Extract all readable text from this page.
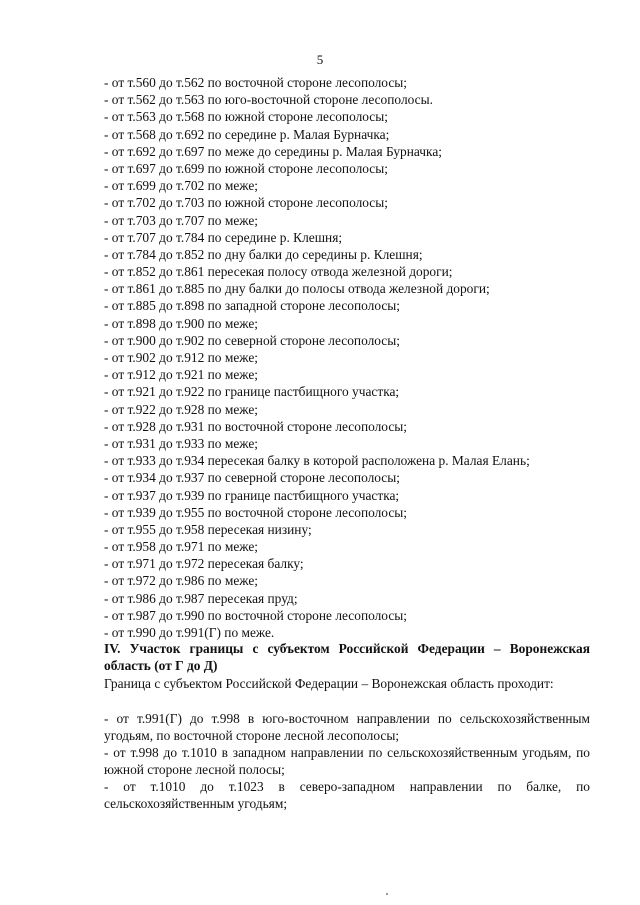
5
- от т.560 до т.562 по восточной стороне лесополосы;
- от т.562 до т.563 по юго-восточной стороне лесополосы.
- от т.563 до т.568 по южной стороне лесополосы;
- от т.568 до т.692 по середине р. Малая Бурначка;
- от т.692 до т.697 по меже до середины р. Малая Бурначка;
- от т.697 до т.699 по южной стороне лесополосы;
- от т.699 до т.702 по меже;
- от т.702 до т.703 по южной стороне лесополосы;
- от т.703 до т.707 по меже;
- от т.707 до т.784 по середине р. Клешня;
- от т.784 до т.852 по дну балки до середины р. Клешня;
- от т.852 до т.861 пересекая полосу отвода железной дороги;
- от т.861 до т.885 по дну балки до полосы отвода железной дороги;
- от т.885 до т.898 по западной стороне лесополосы;
- от т.898 до т.900 по меже;
- от т.900 до т.902 по северной стороне лесополосы;
- от т.902 до т.912 по меже;
- от т.912 до т.921 по меже;
- от т.921 до т.922 по границе пастбищного участка;
- от т.922 до т.928 по меже;
- от т.928 до т.931 по восточной стороне лесополосы;
- от т.931 до т.933 по меже;
- от т.933 до т.934 пересекая балку в которой расположена р. Малая Елань;
- от т.934 до т.937 по северной стороне лесополосы;
- от т.937 до т.939 по границе пастбищного участка;
- от т.939 до т.955 по восточной стороне лесополосы;
- от т.955 до т.958 пересекая низину;
- от т.958 до т.971 по меже;
- от т.971 до т.972 пересекая балку;
- от т.972 до т.986 по меже;
- от т.986 до т.987 пересекая пруд;
- от т.987 до т.990 по восточной стороне лесополосы;
- от т.990 до т.991(Г) по меже.
IV. Участок границы с субъектом Российской Федерации – Воронежская область (от Г до Д)
Граница с субъектом Российской Федерации – Воронежская область проходит:
- от т.991(Г) до т.998 в юго-восточном направлении по сельскохозяйственным угодьям, по восточной стороне лесной лесополосы;
- от т.998 до т.1010 в западном направлении по сельскохозяйственным угодьям, по южной стороне лесной полосы;
- от т.1010 до т.1023 в северо-западном направлении по балке, по сельскохозяйственным угодьям;
